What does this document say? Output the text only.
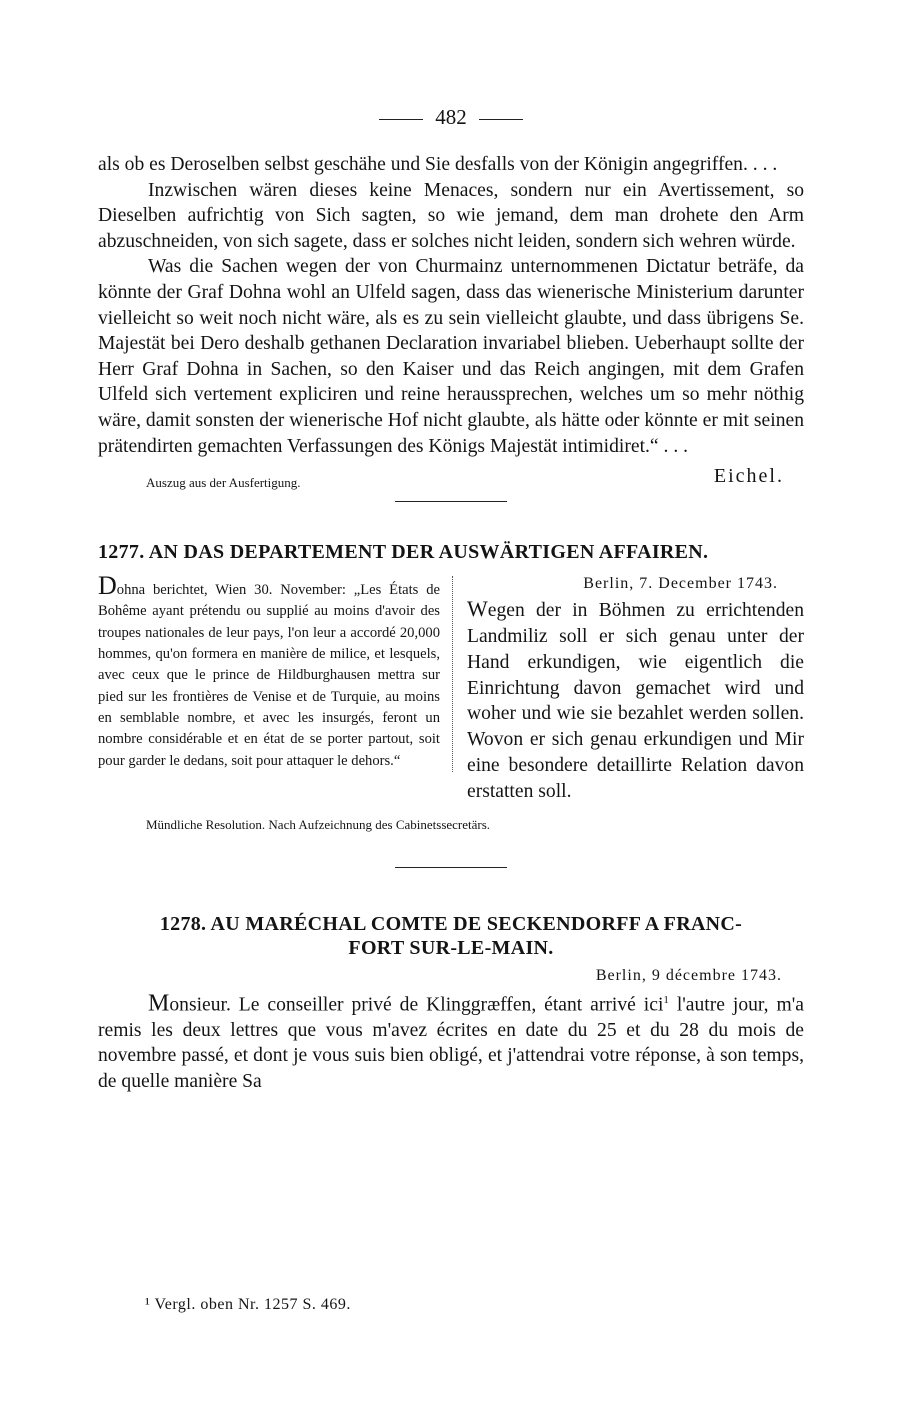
482

als ob es Deroselben selbst geschähe und Sie desfalls von der Königin angegriffen. . . .

Inzwischen wären dieses keine Menaces, sondern nur ein Avertissement, so Dieselben aufrichtig von Sich sagten, so wie jemand, dem man drohete den Arm abzuschneiden, von sich sagete, dass er solches nicht leiden, sondern sich wehren würde.

Was die Sachen wegen der von Churmainz unternommenen Dictatur beträfe, da könnte der Graf Dohna wohl an Ulfeld sagen, dass das wienerische Ministerium darunter vielleicht so weit noch nicht wäre, als es zu sein vielleicht glaubte, und dass übrigens Se. Majestät bei Dero deshalb gethanen Declaration invariabel blieben. Ueberhaupt sollte der Herr Graf Dohna in Sachen, so den Kaiser und das Reich angingen, mit dem Grafen Ulfeld sich vertement expliciren und reine heraussprechen, welches um so mehr nöthig wäre, damit sonsten der wienerische Hof nicht glaubte, als hätte oder könnte er mit seinen prätendirten gemachten Verfassungen des Königs Majestät intimidiret.“ . . .

Auszug aus der Ausfertigung.	Eichel.
1277. AN DAS DEPARTEMENT DER AUSWÄRTIGEN AFFAIREN.
Dohna berichtet, Wien 30. November: „Les États de Bohême ayant prétendu ou supplié au moins d'avoir des troupes nationales de leur pays, l'on leur a accordé 20,000 hommes, qu'on formera en manière de milice, et lesquels, avec ceux que le prince de Hildburghausen mettra sur pied sur les frontières de Venise et de Turquie, au moins en semblable nombre, et avec les insurgés, feront un nombre considérable et en état de se porter partout, soit pour garder le dedans, soit pour attaquer le dehors.“
Berlin, 7. December 1743.

Wegen der in Böhmen zu errichtenden Landmiliz soll er sich genau unter der Hand erkundigen, wie eigentlich die Einrichtung davon gemachet wird und woher und wie sie bezahlet werden sollen. Wovon er sich genau erkundigen und Mir eine besondere detaillirte Relation davon erstatten soll.

Mündliche Resolution. Nach Aufzeichnung des Cabinetssecretärs.
1278. AU MARÉCHAL COMTE DE SECKENDORFF A FRANC-
FORT SUR-LE-MAIN.
Berlin, 9 décembre 1743.

Monsieur. Le conseiller privé de Klinggræffen, étant arrivé ici$^1$ l'autre jour, m'a remis les deux lettres que vous m'avez écrites en date du 25 et du 28 du mois de novembre passé, et dont je vous suis bien obligé, et j'attendrai votre réponse, à son temps, de quelle manière Sa

¹ Vergl. oben Nr. 1257 S. 469.
